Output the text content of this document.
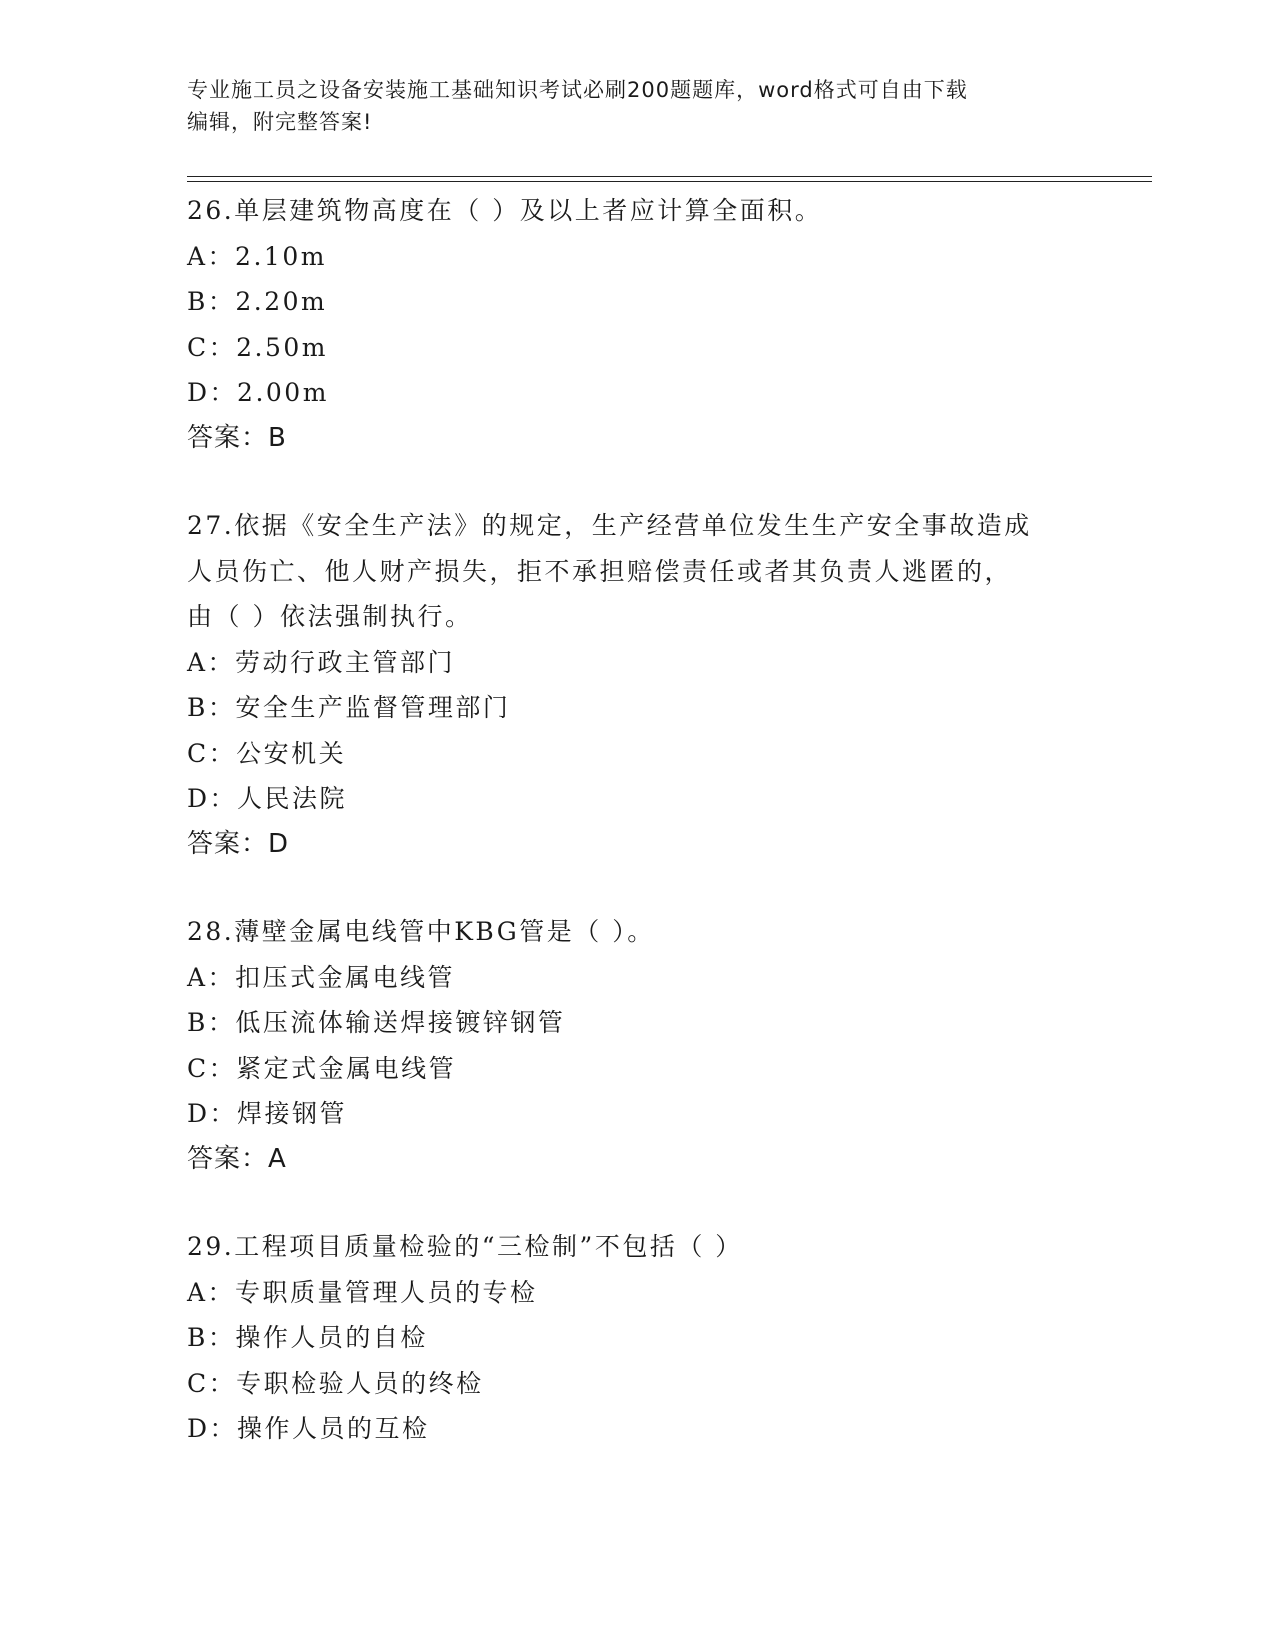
专业施工员之设备安装施工基础知识考试必刷200题题库，word格式可自由下载
编辑，附完整答案!
26.单层建筑物高度在（ ）及以上者应计算全面积。
A：2.10m
B：2.20m
C：2.50m
D：2.00m
答案：B
27.依据《安全生产法》的规定，生产经营单位发生生产安全事故造成
人员伤亡、他人财产损失，拒不承担赔偿责任或者其负责人逃匿的，
由（ ）依法强制执行。
A：劳动行政主管部门
B：安全生产监督管理部门
C：公安机关
D：人民法院
答案：D
28.薄壁金属电线管中KBG管是（ ）。
A：扣压式金属电线管
B：低压流体输送焊接镀锌钢管
C：紧定式金属电线管
D：焊接钢管
答案：A
29.工程项目质量检验的“三检制”不包括（ ）
A：专职质量管理人员的专检
B：操作人员的自检
C：专职检验人员的终检
D：操作人员的互检
